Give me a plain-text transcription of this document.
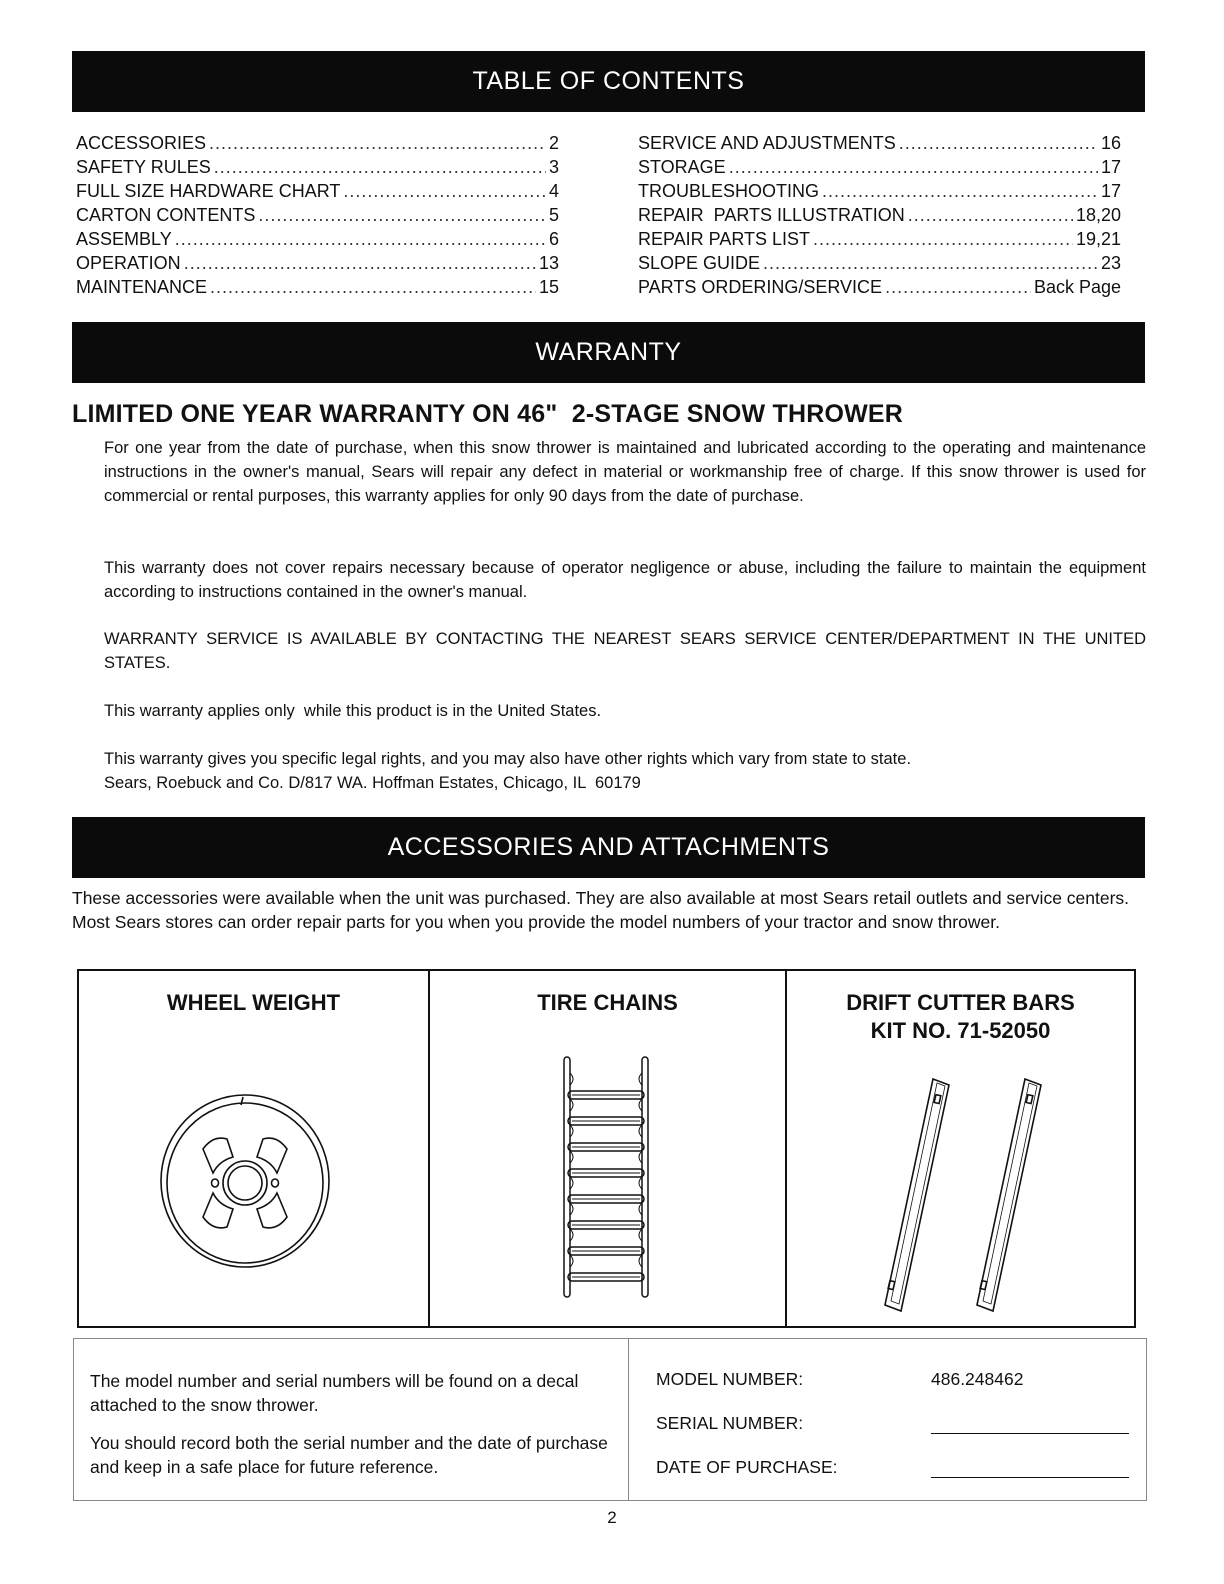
TABLE OF CONTENTS
ACCESSORIES .....	2
SAFETY RULES .....	3
FULL SIZE HARDWARE CHART .....	4
CARTON CONTENTS .....	5
ASSEMBLY .....	6
OPERATION .....	13
MAINTENANCE .....	15
SERVICE AND ADJUSTMENTS .....	16
STORAGE .....	17
TROUBLESHOOTING .....	17
REPAIR  PARTS ILLUSTRATION .....	18,20
REPAIR PARTS LIST .....	19,21
SLOPE GUIDE .....	23
PARTS ORDERING/SERVICE .....	Back Page
WARRANTY
LIMITED ONE YEAR WARRANTY ON 46"  2-STAGE SNOW THROWER
For one year from the date of purchase, when this snow thrower is maintained and lubricated according to the operating and maintenance instructions in the owner's manual, Sears will repair any defect in material or workmanship free of charge. If this snow thrower is used for commercial or rental purposes, this warranty applies for only 90 days from the date of purchase.
This warranty does not cover repairs necessary because of operator negligence or abuse, including the failure to maintain the equipment according to instructions contained in the owner's manual.
WARRANTY SERVICE IS AVAILABLE BY CONTACTING THE NEAREST SEARS SERVICE CENTER/DEPARTMENT IN THE UNITED STATES.
This warranty applies only  while this product is in the United States.
This warranty gives you specific legal rights, and you may also have other rights which vary from state to state.
Sears, Roebuck and Co. D/817 WA. Hoffman Estates, Chicago, IL  60179
ACCESSORIES AND ATTACHMENTS
These accessories were available when the unit was purchased. They are also available at most Sears retail outlets and service centers. Most Sears stores can order repair parts for you when you provide the model numbers of your tractor and snow thrower.
WHEEL WEIGHT	TIRE CHAINS	DRIFT CUTTER BARS
KIT NO. 71-52050

The model number and serial numbers will be found on a decal attached to the snow thrower.

You should record both the serial number and the date of purchase and keep in a safe place for future reference.

MODEL NUMBER:	486.248462
SERIAL NUMBER:
DATE OF PURCHASE:
2
